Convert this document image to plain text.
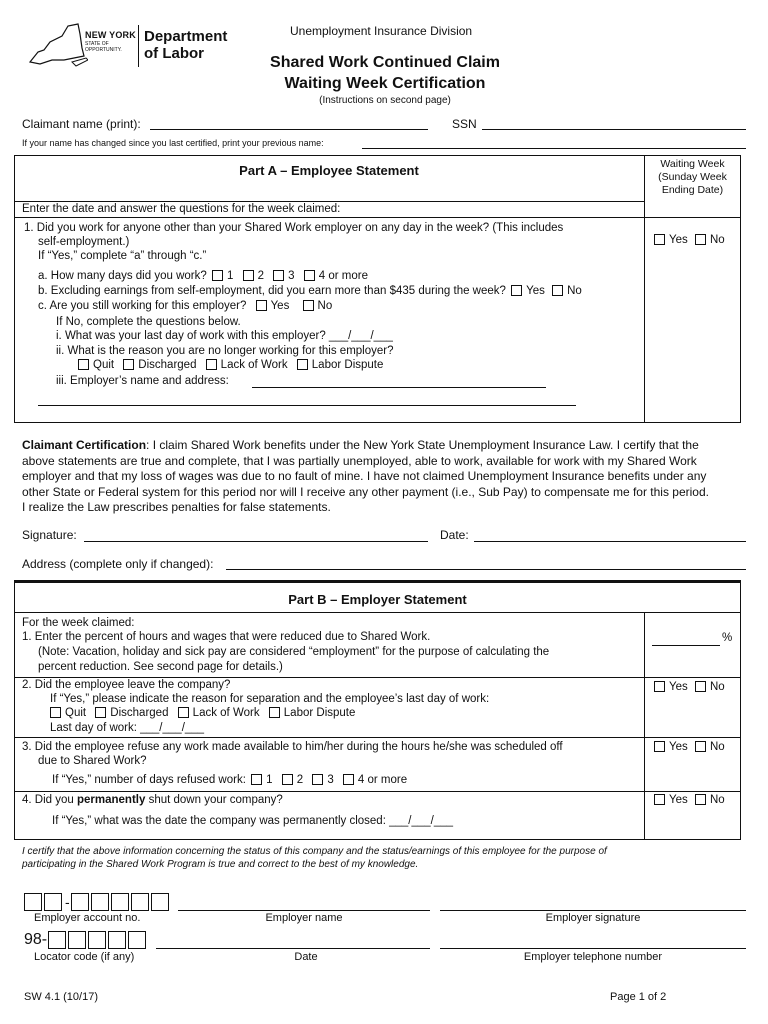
NEW YORK
STATE OF
OPPORTUNITY.
Department
of Labor
Unemployment Insurance Division
Shared Work Continued Claim
Waiting Week Certification
(Instructions on second page)
Claimant name (print):	SSN
If your name has changed since you last certified, print your previous name:
Part A – Employee Statement	Waiting Week
(Sunday Week
Ending Date)
Enter the date and answer the questions for the week claimed:
1. Did you work for anyone other than your Shared Work employer on any day in the week? (This includes
self-employment.)
If “Yes,” complete “a” through “c.”
Yes No
a. How many days did you work? 1 2 3 4 or more
b. Excluding earnings from self-employment, did you earn more than $435 during the week? Yes No
c. Are you still working for this employer? Yes No
If No, complete the questions below.
i. What was your last day of work with this employer? ___/___/___
ii. What is the reason you are no longer working for this employer?
Quit Discharged Lack of Work Labor Dispute
iii. Employer’s name and address:
Claimant Certification: I claim Shared Work benefits under the New York State Unemployment Insurance Law. I certify that the
above statements are true and complete, that I was partially unemployed, able to work, available for work with my Shared Work
employer and that my loss of wages was due to no fault of mine. I have not claimed Unemployment Insurance benefits under any
other State or Federal system for this period nor will I receive any other payment (i.e., Sub Pay) to compensate me for this period.
I realize the Law prescribes penalties for false statements.
Signature:	Date:
Address (complete only if changed):
Part B – Employer Statement
For the week claimed:
1. Enter the percent of hours and wages that were reduced due to Shared Work.
(Note: Vacation, holiday and sick pay are considered “employment” for the purpose of calculating the
percent reduction. See second page for details.)
%
2. Did the employee leave the company?
If “Yes,” please indicate the reason for separation and the employee’s last day of work:
Quit Discharged Lack of Work Labor Dispute
Last day of work: ___/___/___
Yes No
3. Did the employee refuse any work made available to him/her during the hours he/she was scheduled off
due to Shared Work?
If “Yes,” number of days refused work: 1 2 3 4 or more
Yes No
4. Did you permanently shut down your company?
If “Yes,” what was the date the company was permanently closed: ___/___/___
Yes No
I certify that the above information concerning the status of this company and the status/earnings of this employee for the purpose of
participating in the Shared Work Program is true and correct to the best of my knowledge.
-
Employer account no.	Employer name	Employer signature
98-
Locator code (if any)	Date	Employer telephone number
SW 4.1 (10/17)	Page 1 of 2
